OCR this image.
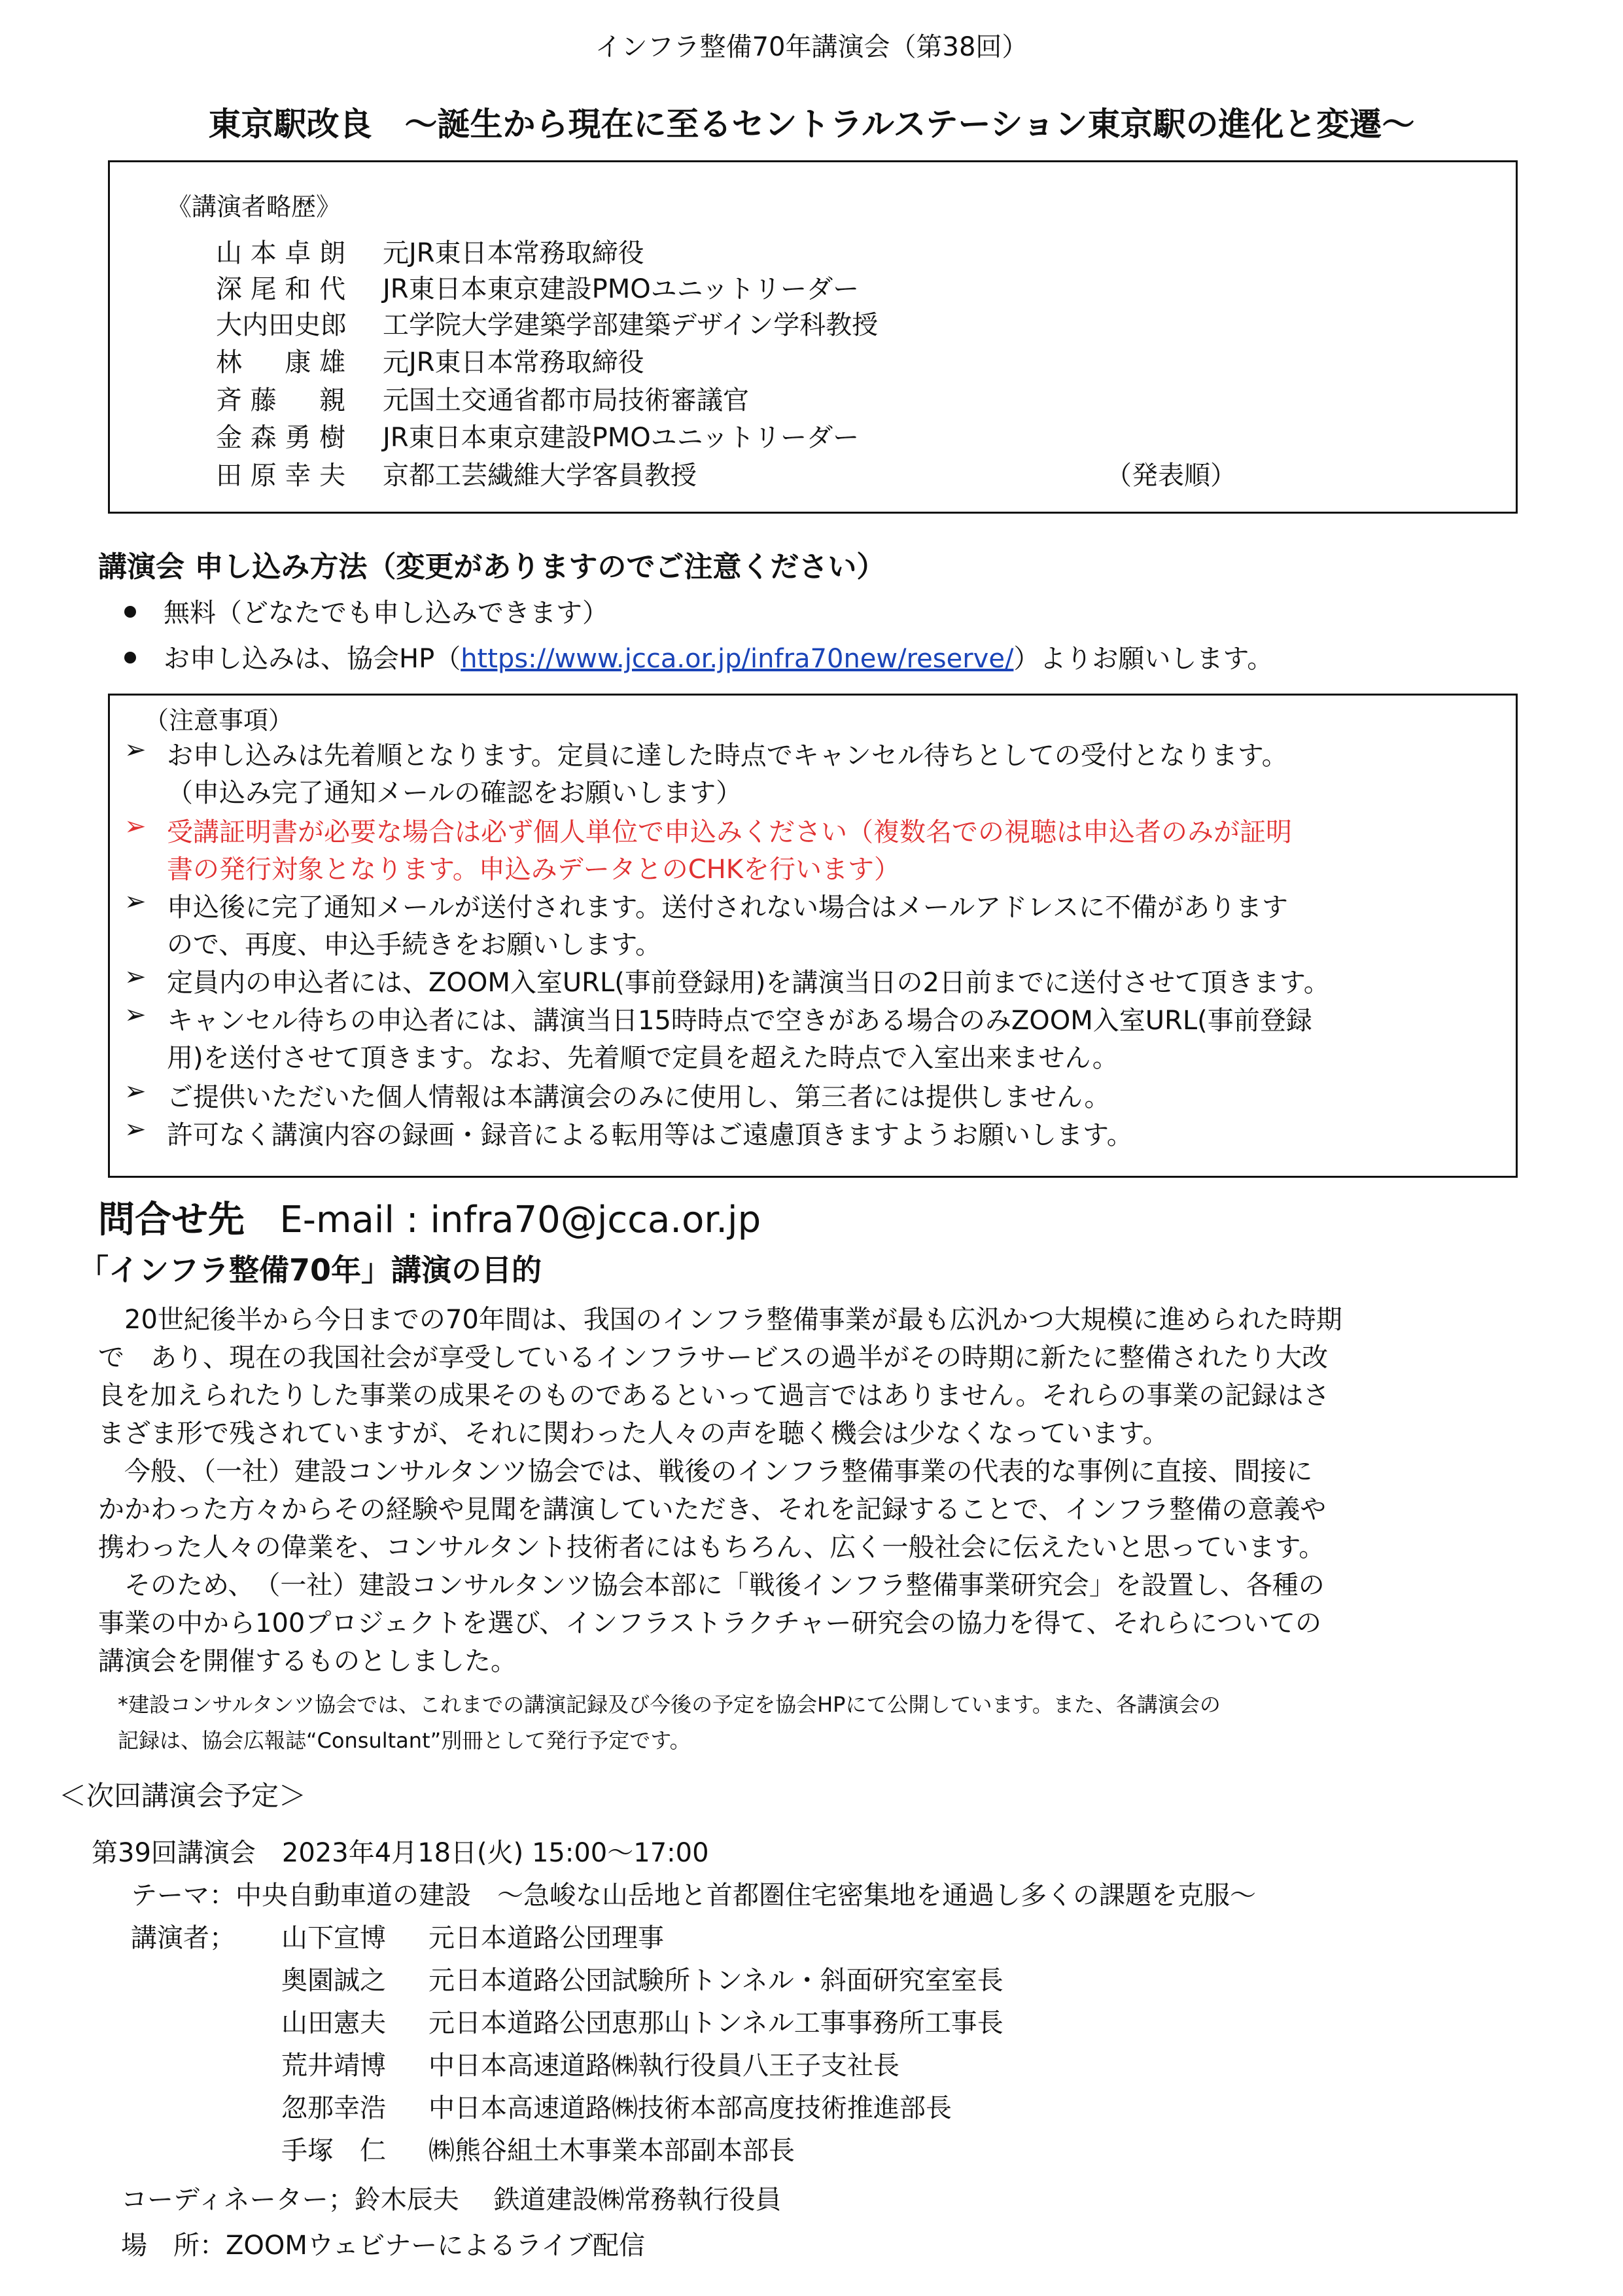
インフラ整備70年講演会（第38回）
東京駅改良　～誕生から現在に至るセントラルステーション東京駅の進化と変遷～
《講演者略歴》
山 本 卓 朗	元JR東日本常務取締役
深 尾 和 代	JR東日本東京建設PMOユニットリーダー
大内田史郎	工学院大学建築学部建築デザイン学科教授
林　  康 雄	元JR東日本常務取締役
斉 藤 　 親	元国土交通省都市局技術審議官
金 森 勇 樹	JR東日本東京建設PMOユニットリーダー
田 原 幸 夫	京都工芸繊維大学客員教授	（発表順）
講演会 申し込み方法（変更がありますのでご注意ください）
無料（どなたでも申し込みできます）
お申し込みは、協会HP（https://www.jcca.or.jp/infra70new/reserve/）よりお願いします。
（注意事項）
➢ お申し込みは先着順となります。定員に達した時点でキャンセル待ちとしての受付となります。
（申込み完了通知メールの確認をお願いします）
➢ 受講証明書が必要な場合は必ず個人単位で申込みください（複数名での視聴は申込者のみが証明
書の発行対象となります。申込みデータとのCHKを行います）
➢ 申込後に完了通知メールが送付されます。送付されない場合はメールアドレスに不備があります
ので、再度、申込手続きをお願いします。
➢ 定員内の申込者には、ZOOM入室URL(事前登録用)を講演当日の2日前までに送付させて頂きます。
➢ キャンセル待ちの申込者には、講演当日15時時点で空きがある場合のみZOOM入室URL(事前登録
用)を送付させて頂きます。なお、先着順で定員を超えた時点で入室出来ません。
➢ ご提供いただいた個人情報は本講演会のみに使用し、第三者には提供しません。
➢ 許可なく講演内容の録画・録音による転用等はご遠慮頂きますようお願いします。
問合せ先 E-mail : infra70@jcca.or.jp
「インフラ整備70年」講演の目的
　20世紀後半から今日までの70年間は、我国のインフラ整備事業が最も広汎かつ大規模に進められた時期
で　あり、現在の我国社会が享受しているインフラサービスの過半がその時期に新たに整備されたり大改
良を加えられたりした事業の成果そのものであるといって過言ではありません。それらの事業の記録はさ
まざま形で残されていますが、それに関わった人々の声を聴く機会は少なくなっています。
　今般、（一社）建設コンサルタンツ協会では、戦後のインフラ整備事業の代表的な事例に直接、間接に
かかわった方々からその経験や見聞を講演していただき、それを記録することで、インフラ整備の意義や
携わった人々の偉業を、コンサルタント技術者にはもちろん、広く一般社会に伝えたいと思っています。
　そのため、　（一社）建設コンサルタンツ協会本部に「戦後インフラ整備事業研究会」を設置し、各種の
事業の中から100プロジェクトを選び、インフラストラクチャー研究会の協力を得て、それらについての
講演会を開催するものとしました。
*建設コンサルタンツ協会では、これまでの講演記録及び今後の予定を協会HPにて公開しています。また、各講演会の
記録は、協会広報誌“Consultant”別冊として発行予定です。
＜次回講演会予定＞
第39回講演会　2023年4月18日(火) 15:00～17:00
テーマ：中央自動車道の建設　～急峻な山岳地と首都圏住宅密集地を通過し多くの課題を克服～
講演者； 山下宣博	元日本道路公団理事
奥園誠之	元日本道路公団試験所トンネル・斜面研究室室長
山田憲夫	元日本道路公団恵那山トンネル工事事務所工事長
荒井靖博	中日本高速道路㈱執行役員八王子支社長
忽那幸浩	中日本高速道路㈱技術本部高度技術推進部長
手塚　仁	㈱熊谷組土木事業本部副本部長
コーディネーター；鈴木辰夫　 鉄道建設㈱常務執行役員
場　所：ZOOMウェビナーによるライブ配信
